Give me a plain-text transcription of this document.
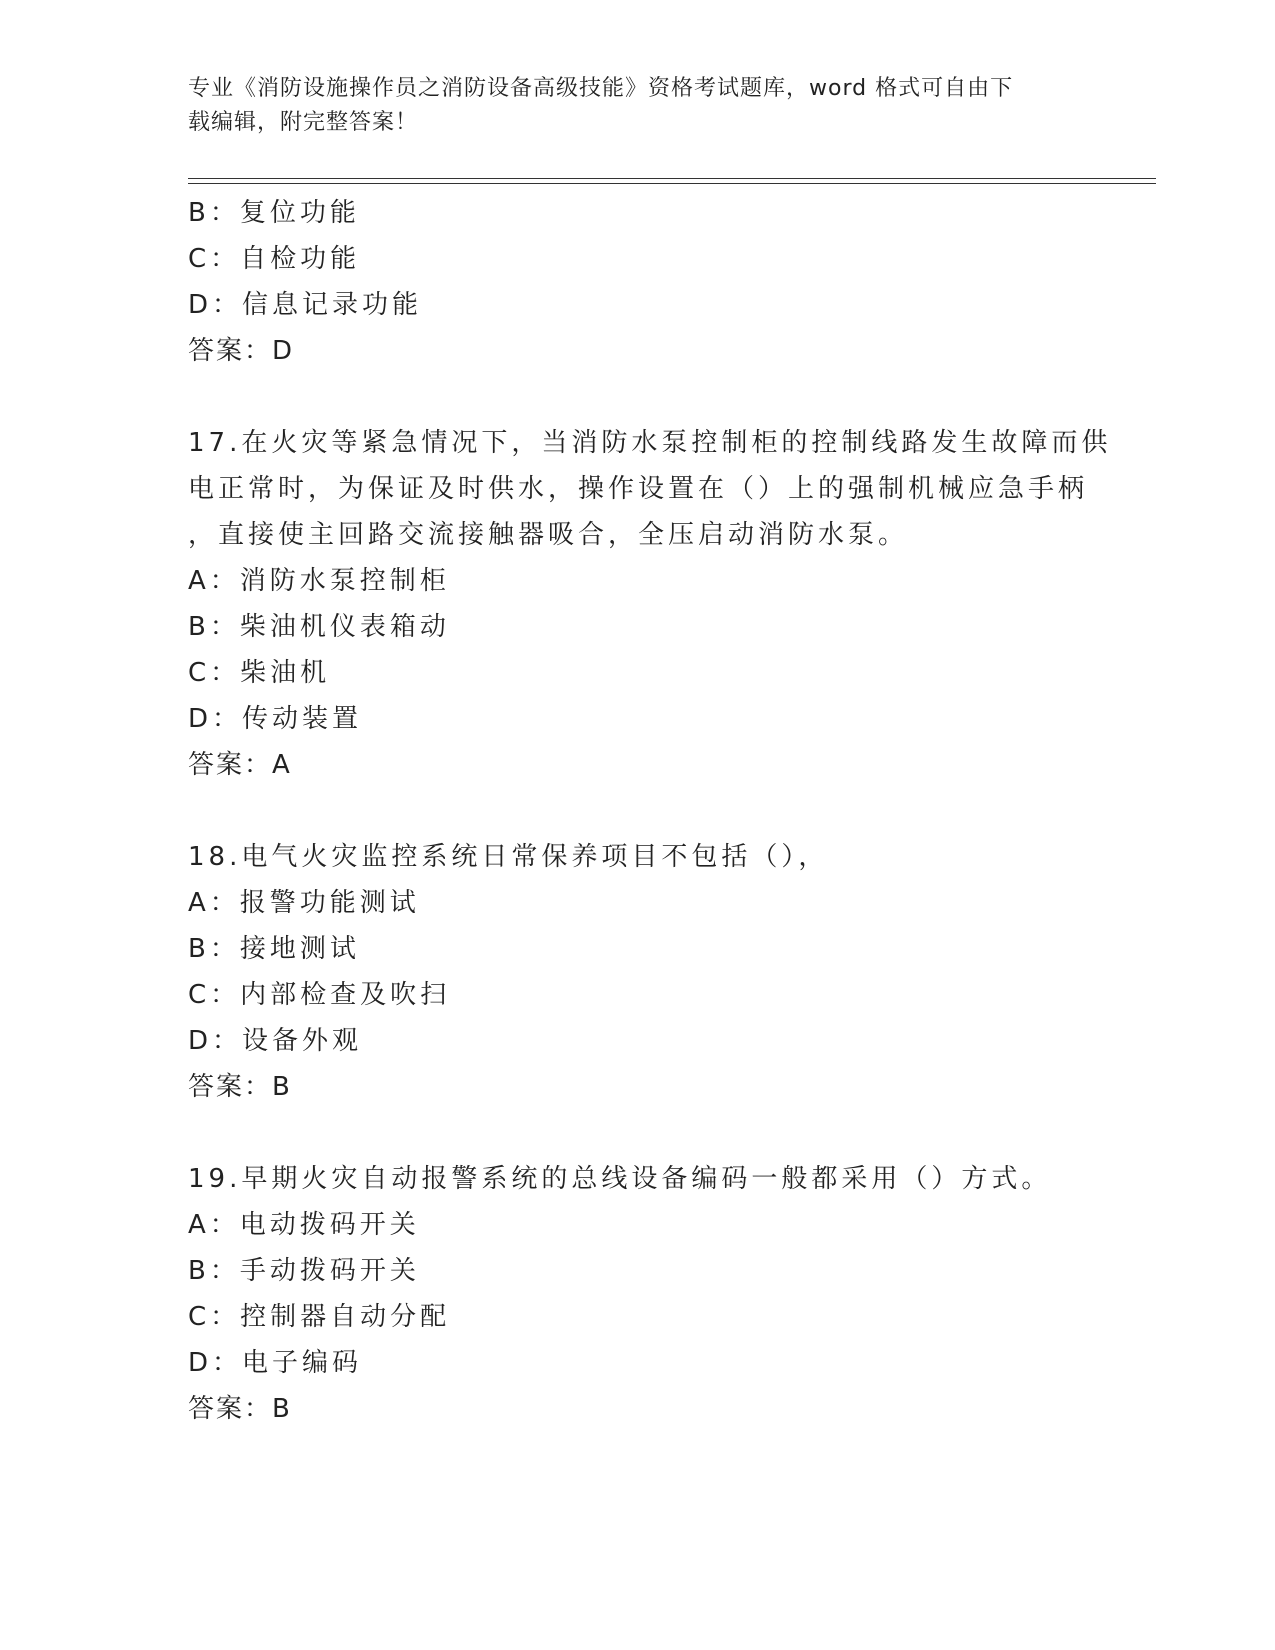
专业《消防设施操作员之消防设备高级技能》资格考试题库，word 格式可自由下
载编辑，附完整答案！
B：复位功能
C：自检功能
D：信息记录功能
答案：D
17.在火灾等紧急情况下，当消防水泵控制柜的控制线路发生故障而供
电正常时，为保证及时供水，操作设置在（）上的强制机械应急手柄
，直接使主回路交流接触器吸合，全压启动消防水泵。
A：消防水泵控制柜
B：柴油机仪表箱动
C：柴油机
D：传动装置
答案：A
18.电气火灾监控系统日常保养项目不包括（），
A：报警功能测试
B：接地测试
C：内部检查及吹扫
D：设备外观
答案：B
19.早期火灾自动报警系统的总线设备编码一般都采用（）方式。
A：电动拨码开关
B：手动拨码开关
C：控制器自动分配
D：电子编码
答案：B
